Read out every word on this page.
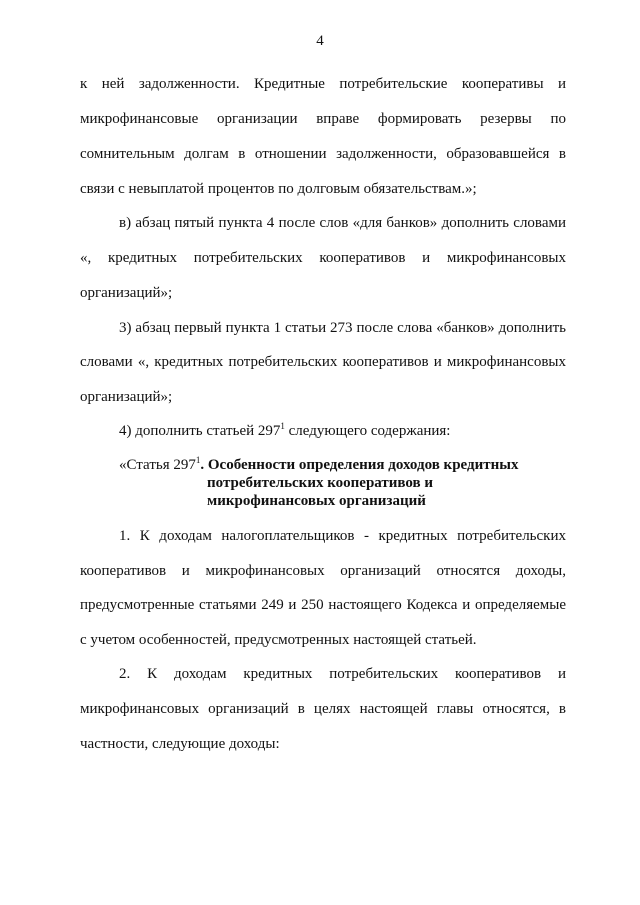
4
к ней задолженности. Кредитные потребительские кооперативы и
микрофинансовые организации вправе формировать резервы по
сомнительным долгам в отношении задолженности, образовавшейся в
связи с невыплатой процентов по долговым обязательствам.»;
в) абзац пятый пункта 4 после слов «для банков» дополнить словами
«, кредитных потребительских кооперативов и микрофинансовых
организаций»;
3) абзац первый пункта 1 статьи 273 после слова «банков» дополнить
словами «, кредитных потребительских кооперативов и микрофинансовых
организаций»;
4) дополнить статьей $297^1$ следующего содержания:
«Статья $297^1$. Особенности определения доходов кредитных
потребительских кооперативов и
микрофинансовых организаций
1. К доходам налогоплательщиков - кредитных потребительских
кооперативов и микрофинансовых организаций относятся доходы,
предусмотренные статьями 249 и 250 настоящего Кодекса и определяемые
с учетом особенностей, предусмотренных настоящей статьей.
2. К доходам кредитных потребительских кооперативов и
микрофинансовых организаций в целях настоящей главы относятся, в
частности, следующие доходы:
